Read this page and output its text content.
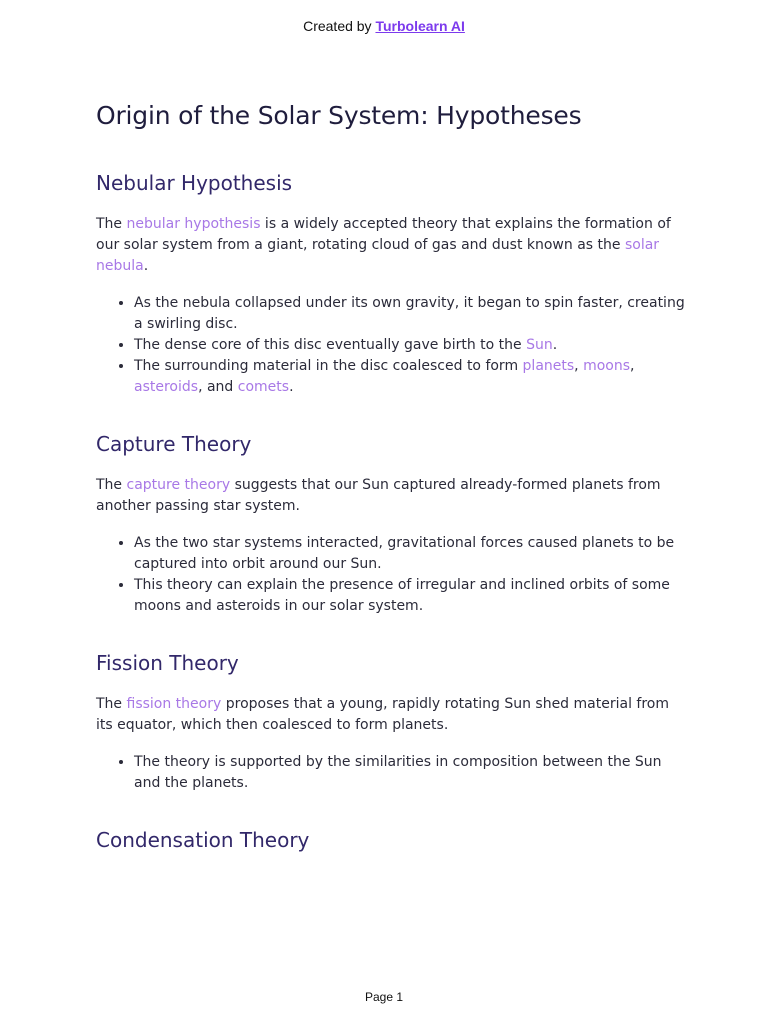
Created by Turbolearn AI
Origin of the Solar System: Hypotheses
Nebular Hypothesis

The nebular hypothesis is a widely accepted theory that explains the formation of our solar system from a giant, rotating cloud of gas and dust known as the solar nebula.

• As the nebula collapsed under its own gravity, it began to spin faster, creating a swirling disc.
• The dense core of this disc eventually gave birth to the Sun.
• The surrounding material in the disc coalesced to form planets, moons, asteroids, and comets.
Capture Theory

The capture theory suggests that our Sun captured already-formed planets from another passing star system.

• As the two star systems interacted, gravitational forces caused planets to be captured into orbit around our Sun.
• This theory can explain the presence of irregular and inclined orbits of some moons and asteroids in our solar system.
Fission Theory

The fission theory proposes that a young, rapidly rotating Sun shed material from its equator, which then coalesced to form planets.

• The theory is supported by the similarities in composition between the Sun and the planets.
Condensation Theory
Page 1
